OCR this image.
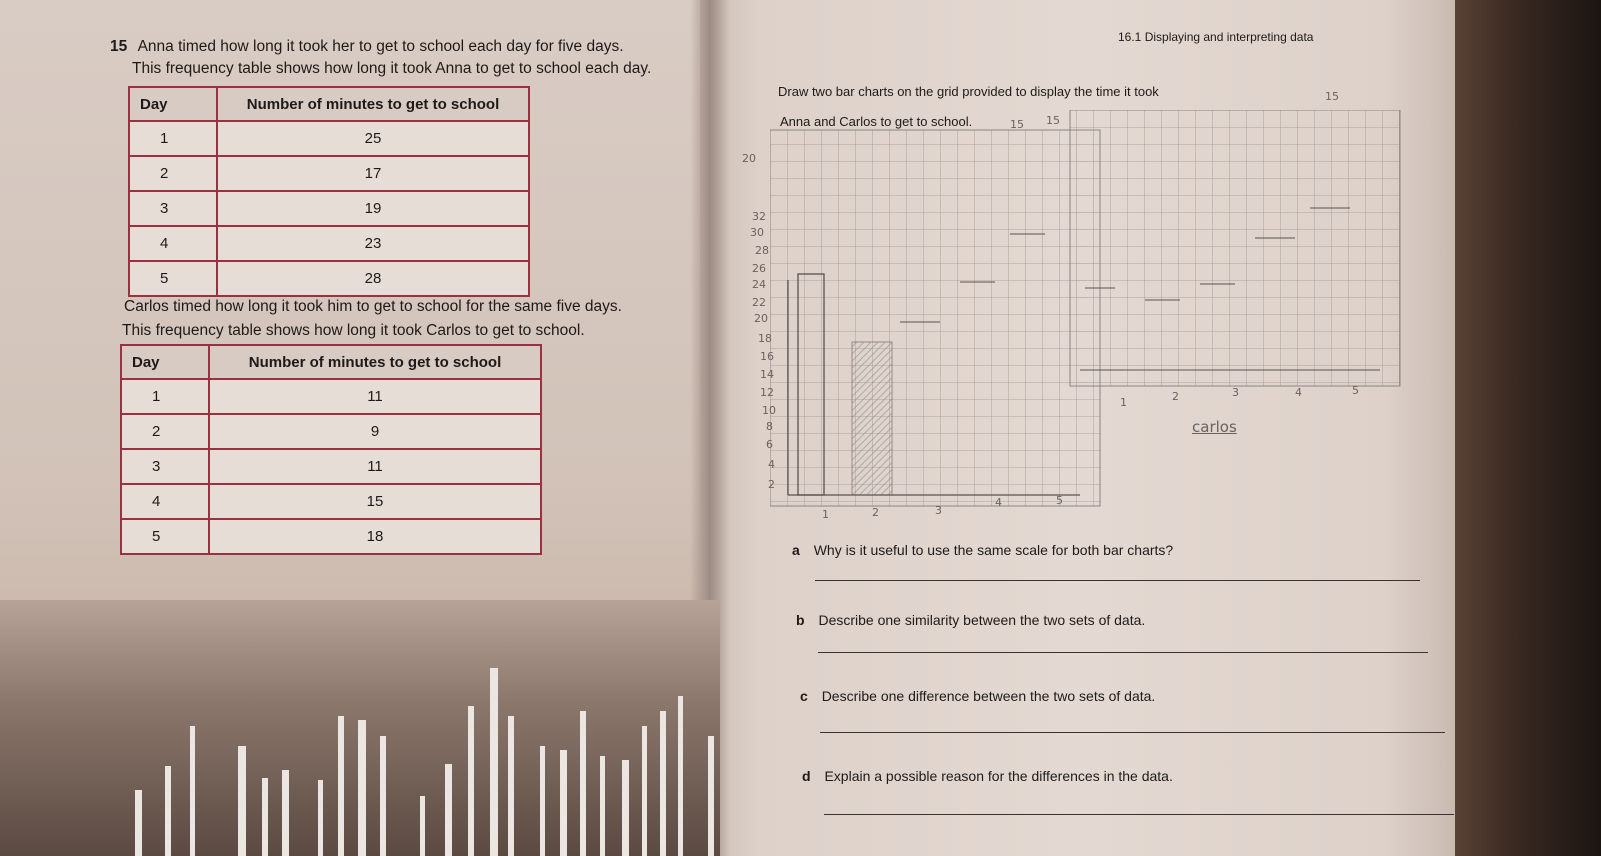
15 Anna timed how long it took her to get to school each day for five days.
This frequency table shows how long it took Anna to get to school each day.
Day	Number of minutes to get to school
1	25
2	17
3	19
4	23
5	28
Carlos timed how long it took him to get to school for the same five days.
This frequency table shows how long it took Carlos to get to school.
Day	Number of minutes to get to school
1	11
2	9
3	11
4	15
5	18
16.1 Displaying and interpreting data
Draw two bar charts on the grid provided to display the time it took
Anna and Carlos to get to school.
20
32
30
28
26
24
22
20
18
16
14
12
10
8
6
4
2
1	2	3
4	5
1	2	3	4	5
carlos
15 15
15
a Why is it useful to use the same scale for both bar charts?
b Describe one similarity between the two sets of data.
c Describe one difference between the two sets of data.
d Explain a possible reason for the differences in the data.
